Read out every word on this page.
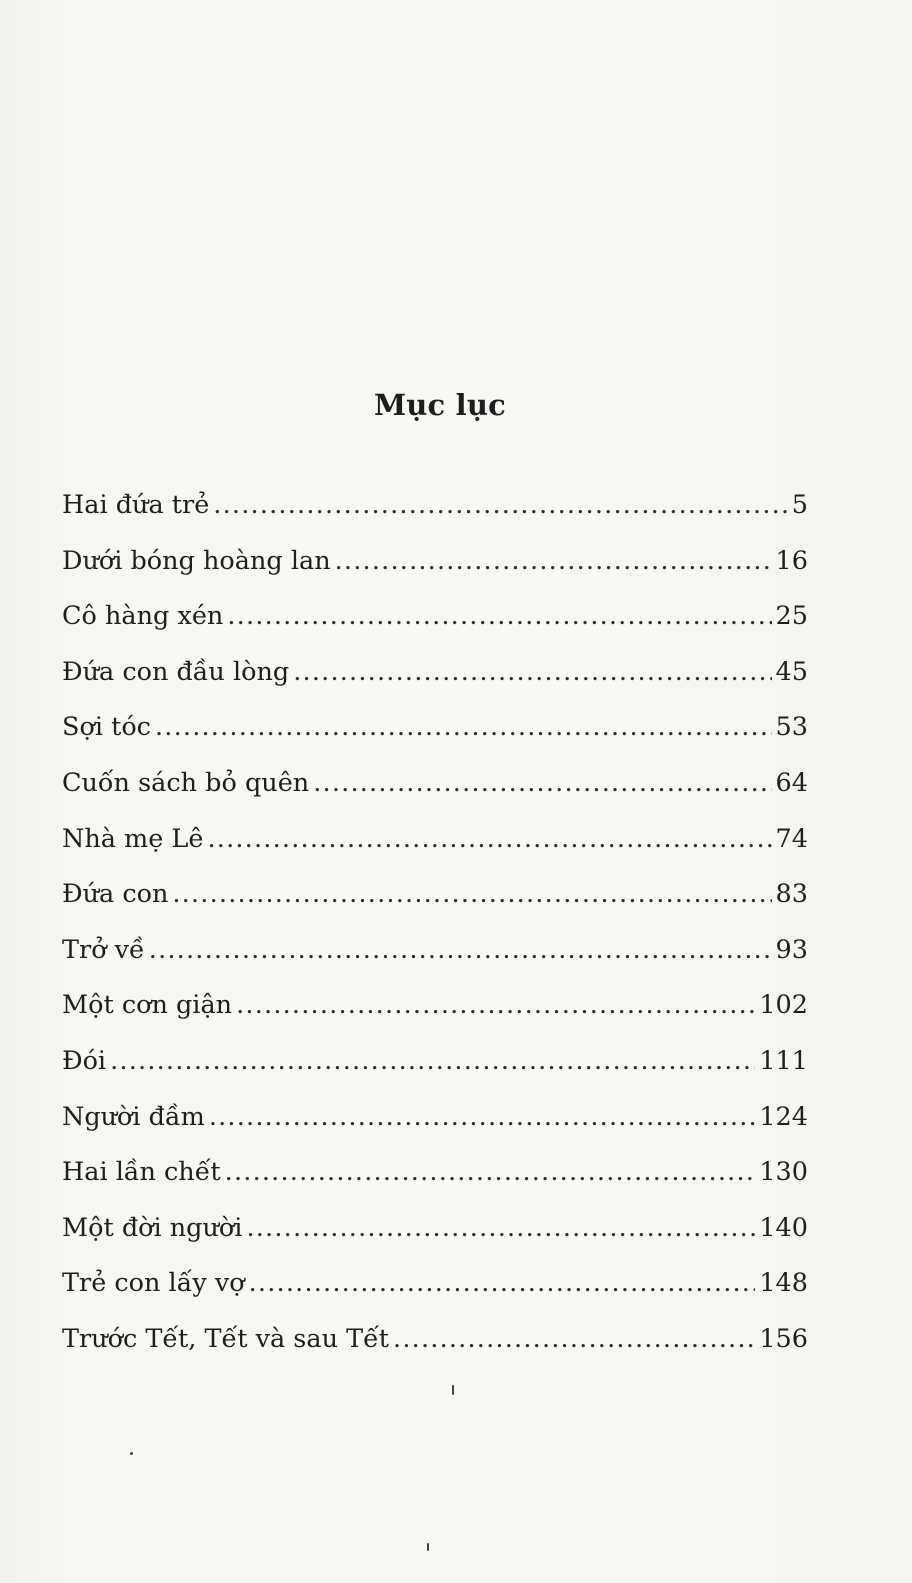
Mục lục
Hai đứa trẻ .....	5
Dưới bóng hoàng lan .....	16
Cô hàng xén .....	25
Đứa con đầu lòng .....	45
Sợi tóc .....	53
Cuốn sách bỏ quên .....	64
Nhà mẹ Lê .....	74
Đứa con .....	83
Trở về .....	93
Một cơn giận .....	102
Đói .....	111
Người đầm .....	124
Hai lần chết .....	130
Một đời người .....	140
Trẻ con lấy vợ .....	148
Trước Tết, Tết và sau Tết .....	156
